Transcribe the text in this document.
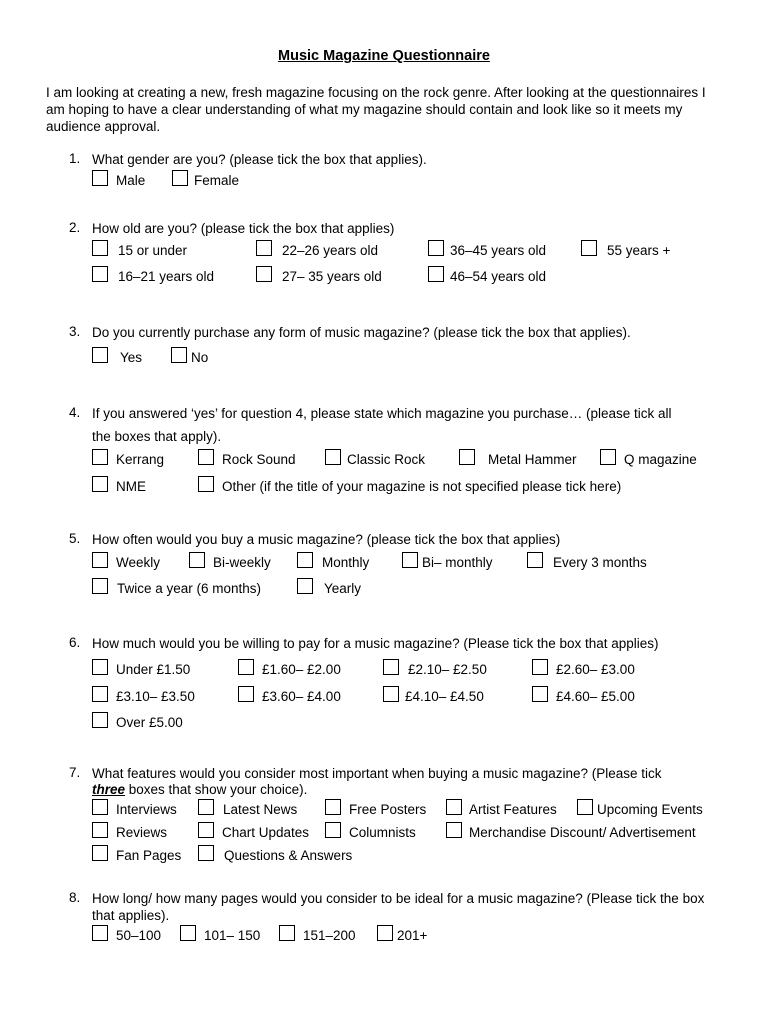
Music Magazine Questionnaire
I am looking at creating a new, fresh magazine focusing on the rock genre. After looking at the questionnaires I am hoping to have a clear understanding of what my magazine should contain and look like so it meets my audience approval.
1. What gender are you? (please tick the box that applies).
Male	Female
2. How old are you? (please tick the box that applies)
15 or under	22–26 years old	36–45 years old	55 years +
16–21 years old	27– 35 years old	46–54 years old
3. Do you currently purchase any form of music magazine? (please tick the box that applies).
Yes	No
4. If you answered ‘yes’ for question 4, please state which magazine you purchase… (please tick all
the boxes that apply).
Kerrang	Rock Sound	Classic Rock	Metal Hammer	Q magazine
NME	Other (if the title of your magazine is not specified please tick here)
5. How often would you buy a music magazine? (please tick the box that applies)
Weekly	Bi-weekly	Monthly	Bi– monthly	Every 3 months
Twice a year (6 months)	Yearly
6. How much would you be willing to pay for a music magazine? (Please tick the box that applies)
Under £1.50	£1.60– £2.00	£2.10– £2.50	£2.60– £3.00
£3.10– £3.50	£3.60– £4.00	£4.10– £4.50	£4.60– £5.00
Over £5.00
7. What features would you consider most important when buying a music magazine? (Please tick
three boxes that show your choice).
Interviews	Latest News	Free Posters	Artist Features	Upcoming Events
Reviews	Chart Updates	Columnists	Merchandise Discount/ Advertisement
Fan Pages	Questions & Answers
8. How long/ how many pages would you consider to be ideal for a music magazine? (Please tick the box that applies).
50–100	101– 150	151–200	201+
